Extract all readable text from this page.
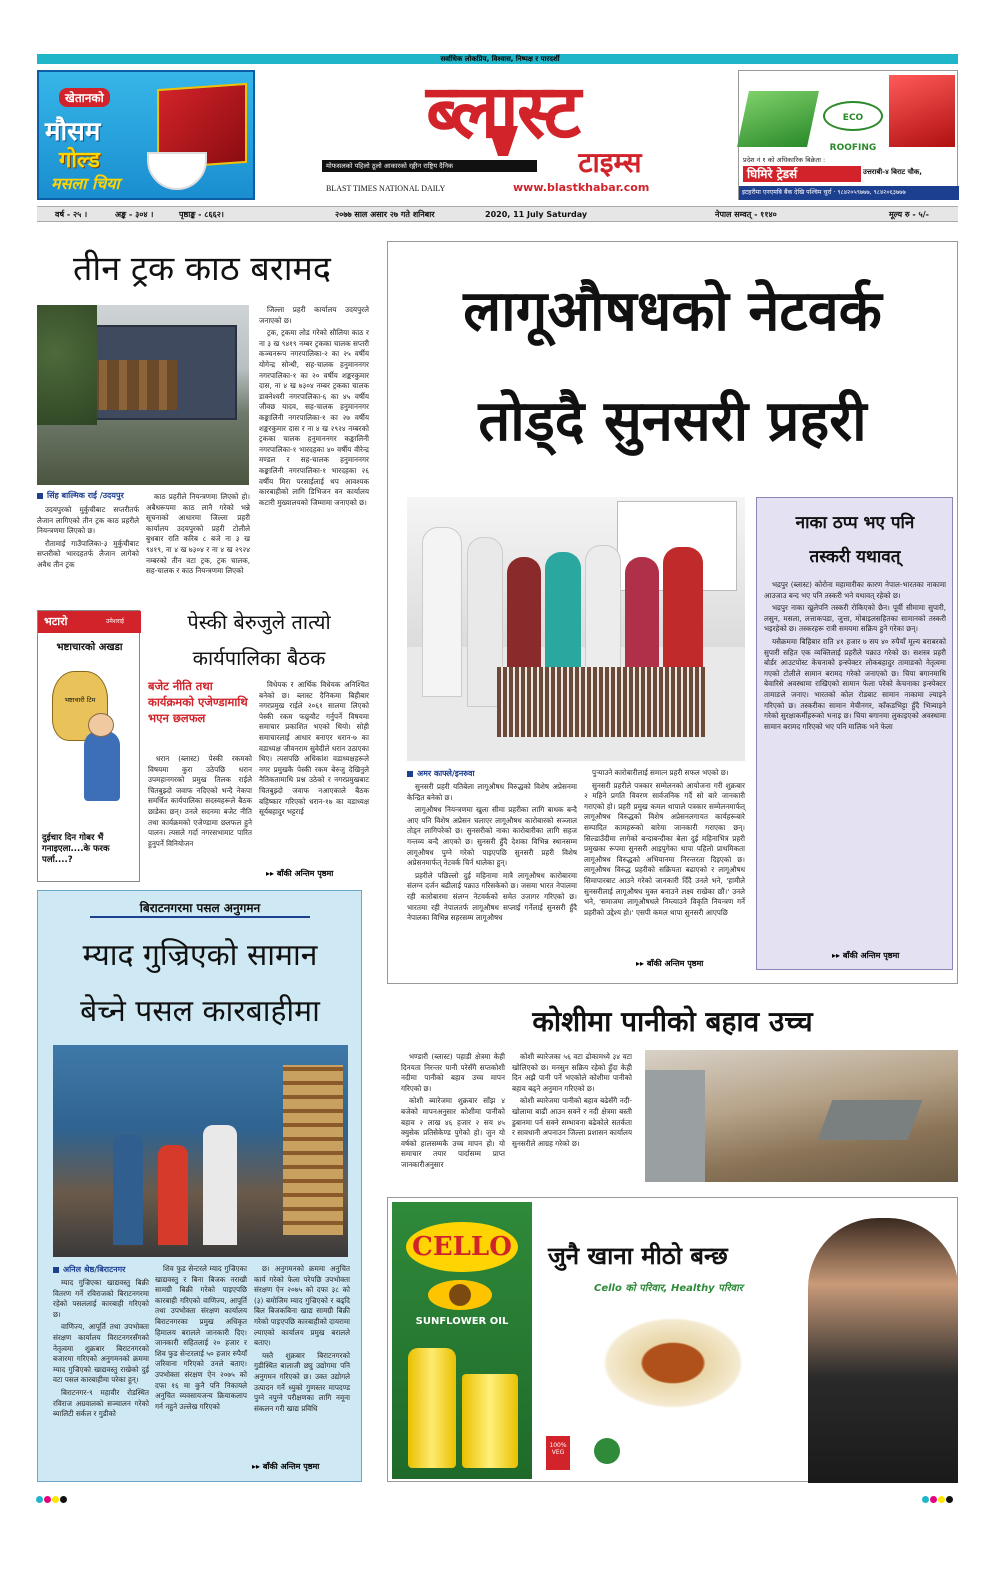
सर्वाधिक लोकप्रिय, विश्वास, निष्पक्ष र पारदर्शी
खेतानको
मौसम
गोल्ड
मसला चिया
ब्लास्ट
टाइम्स
मोफसलको पहिलो ठूलो आकारको रङ्गीन राष्ट्रिय दैनिक
BLAST TIMES NATIONAL DAILY	www.blastkhabar.com
ECO ROOFING
प्रदेश नं १ को अधिकारिक बिक्रेता :
घिमिरे ट्रेडर्स	उत्तराबी-४ बिराट चौक,
इटहरीमा एनएमबि बैंक देखि पश्चिम चुर्रा · ९८४२०५९७७७, ९८४२०६३७७७
वर्ष - २५ ।	अङ्क - ३०४ ।	पृष्ठाङ्क - ८६६२।	२०७७ साल असार २७ गते शनिबार	2020, 11 July Saturday	नेपाल सम्वत् - ११४०	मूल्य रु - ५/-
तीन ट्रक काठ बरामद
सिंह बाल्मिक राई /उदयपुर

उदयपुरको मुर्कुचीबाट सप्तरीतर्फ लैजान लागिएको तीन ट्रक काठ प्रहरीले नियन्त्रणमा लिएको छ।

रौतामाई गाउँपालिका-३ मुर्कुचीबाट सप्तरीको भारदहतर्फ लैजान लागेको अवैध तीन ट्रक

काठ प्रहरीले नियन्त्रणमा लिएको हो। अबैधरूपमा काठ लानै गरेको भन्ने सूचनाको आधारमा जिल्ला प्रहरी कार्यालय उदयपुरको प्रहरी टोलीले बुधबार राति करिब ८ बजे ना ३ ख ९४१९, ना ४ ख ७३०४ र ना ४ ख २९२४ नम्बरको तीन वटा ट्रक, ट्रक चालक, सह-चालक र काठ नियन्त्रणमा लिएको

जिल्ला प्रहरी कार्यालय उदयपुरले जनाएको छ।

ट्रक, ट्रकमा लोड गरेको सौलिया काठ र ना ३ ख ९४१९ नम्बर ट्रकका चालक सप्तरी कञ्चनरूप नगरपालिका-२ का २५ वर्षीय योगेन्द्र सोन्थी, सह-चालक हनुमाननगर नगरपालिका-१ का २० वर्षीय शङ्करकुमार दास, ना ४ ख ७३०४ नम्बर ट्रकका चालक डाक्नेश्वरी नगरपालिका-६ का ४५ वर्षीय जीवछ यादव, सह-चालक हनुमाननगर कङ्कालिनी नगरपालिका-१ का २७ वर्षीय शङ्करकुमार दास र ना ४ ख २९२४ नम्बरको ट्रकका चालक हनुमाननगर कङ्कालिनी नगरपालिका-१ भारदहका ४० वर्षीय वीरेन्द्र मण्डल र सह-चालक हनुमाननगर कङ्कालिनी नगरपालिका-१ भारदहका २६ वर्षीय मिरा परसाईलाई थप आवश्यक कारबाहीको लागि डिभिजन वन कार्यालय कटारी मुख्यालयको जिम्मामा जनाएको छ।

भटारो	उमेशराई
भष्टाचारको अखडा
भष्टाचारी टिम
दुईचार दिन गोबर भैं गनाइएला....के फरक पर्ला....?
पेस्की बेरुजुले तात्यो
कार्यपालिका बैठक
बजेट नीति तथा कार्यक्रमको एजेण्डामाथि भएन छलफल

धरान (ब्लास्ट) पेस्की रकमको विषयमा कुरा उठेपछि धरान उपमहानगरको प्रमुख तिलक राईले चितबुझ्दो जवाफ नदिएको भन्दै नेकपा समर्थित कार्यपालिका सदस्यहरूले बैठक छाडेका छन्। उनले सदनमा बजेट नीति तथा कार्यक्रमको एजेण्डामा छलफल हुने पालन। त्यसले गर्दा नगरसभामाट पारित हुनुपर्ने विनियोजन

विधेयक र आर्थिक विधेयक अनिश्चित बनेको छ। ब्लास्ट दैनिकमा बिहीबार नगरप्रमुख राईले २०६१ सालमा लिएको पेस्की रकम फछ्र्यौट गर्नुपर्ने विषयमा समाचार प्रकाशित भएको थियो। सोही समाचारलाई आधार बनाएर धरान-७ का वडाध्यक्ष जीवनराम सुवेदीले धरान उठाएका थिए। त्यसपछि अधिकांश वडाध्यक्षहरूले नगर प्रमुखकै पेस्की रकम बेरुजु देखिनुले नैतिकतामाथि प्रश्न उठेको र नगरप्रमुखबाट चितबुझ्दो जवाफ नआएकाले बैठक बहिष्कार गरिएको धरान-१७ का वडाध्यक्ष सूर्यबहादुर भट्टराई

▸▸ बाँकी अन्तिम पृष्ठमा
बिराटनगरमा पसल अनुगमन
म्याद गुज्रिएको सामान
बेच्ने पसल कारबाहीमा
अनिल श्रेष्ठ/बिराटनगर

म्याद गुज्रिएका खाद्यवस्तु बिक्री वितरण गर्ने रविराजको बिराटनगरमा रहेको पसललाई कारबाही गरिएको छ।

वाणिज्य, आपूर्ति तथा उपभोक्ता संरक्षण कार्यालय विराटनगरसँगको नेतृत्वमा शुक्रबार बिराटनगरको बजारमा गरिएको अनुगमनको क्रममा म्याद गुज्रिएको खाद्यवस्तु राखेको दुई वटा पसल कारबाहीमा परेका हुन्।

बिराटनगर-९ महावीर रोडस्थित रविराज अग्रवालको सञ्चालन गरेको ब्यालिटी सर्कल र गुडीको

शिव फुड सेन्टरले म्याद गुज्रिएका खाद्यवस्तु र बिना बिजक नराखी सामग्री बिक्री गरेको पाइएपछि कारबाही गरिएको वाणिज्य, आपूर्ति तथा उपभोक्ता संरक्षण कार्यालय बिराटनगरका प्रमुख अधिकृत हिमालय बरालले जानकारी दिए। जानकारी सहितलाई २० हजार र शिव फुड सेन्टरलाई ५० हजार रुपैयाँ जरिवाना गरिएको उनले बताए। उपभोक्ता संरक्षण ऐन २०७५ को दफा १६ मा कुनै पनि निकायले अनुचित व्यवसायजन्य क्रियाकलाप गर्न नहुने उल्लेख गरिएको

छ। अनुगमनको क्रममा अनुचित कार्य गरेको फेला परेपछि उपभोक्ता संरक्षण ऐन २०७५ को दफा ३८ को (३) बमोजिम म्याद गुज्रिएको र बढ्दि बिल बिजकबिना खाद्य सामग्री बिक्री गरेको पाइएपछि कारबाहीको दायरामा ल्याएको कार्यालय प्रमुख बरालले बताए।

यस्तै शुक्रबार बिराटनगरको गुडीस्थित बालाजी छ्यु उद्योगमा पनि अनुगमन गरिएको छ। उक्त उद्योगले उत्पादन गर्ने ध्युको गुणस्तर मापदण्ड पुग्ने नपुग्ने परीक्षणका लागि नमूना संकलन गरी खाद्य प्रविधि

▸▸ बाँकी अन्तिम पृष्ठमा
लागूऔषधको नेटवर्क
तोड्दै सुनसरी प्रहरी
अमर काफ्ले/इनरुवा

सुनसरी प्रहरी यतिबेला लागूऔषध विरुद्धको विशेष अप्रेसनमा केन्द्रित बनेको छ।

लागूऔषध नियन्त्रणमा खुला सीमा प्रहरीका लागि बाधक बन्दै आए पनि विशेष अप्रेसन चलाएर लागूऔषध कारोबारको सञ्जाल तोड्न लागिपरेको छ। सुनसरीको नाका कारोबारीका लागि सहज गन्तव्य बन्दै आएको छ। सुनसरी हुँदै देशका विभिन्न स्थानसम्म लागूऔषध पुग्ने गरेको पाइएपछि सुनसरी प्रहरी विशेष अप्रेसनमार्फत् नेटवर्क चिर्न थालेका हुन्।

प्रहरीले पछिल्लो दुई महिनामा मात्रै लागूऔषध कारोबारमा संलग्न दर्जन बढीलाई पक्राउ गरिसकेको छ। जसमा भारत नेपालमा रही कारोबारमा संलग्न नेटवर्कको समेत उजागर गरिएको छ। भारतमा रही नेपालतर्फ लागूऔषध सप्लाई गर्नेलाई सुनसरी हुँदै नेपालका विभिन्न सहरसम्म लागूऔषध

पुऱ्याउने कारोबारीलाई समात्न प्रहरी सफल भएको छ।

सुनसरी प्रहरीले पत्रकार सम्मेलनको आयोजना गरी शुक्रबार २ महिने प्रगति विवरण सार्वजनिक गर्दै सो बारे जानकारी गराएको हो। प्रहरी प्रमुख कमल थापाले पत्रकार सम्मेलनमार्फत् लागूऔषध विरुद्धको विशेष अप्रेसनलगायत कार्यहरूबारे सम्पादित कामहरूको बारेमा जानकारी गराएका छन्। सिल्डाउँदीमा लागेको बन्दाबन्दीका बेला दुई महिनाभित्र प्रहरी प्रमुखका रूपमा सुनसरी आइपुगेका थापा पहिलो प्राथमिकता लागूऔषध विरुद्धको अभियानमा निरन्तरता दिइएको छ। लागूऔषध विरुद्ध प्रहरीको सक्रियता बढाएको र लागूऔषध सिमापारबाट आउने गरेको जानकारी दिँदै उनले भने, 'हामीले सुनसरीलाई लागूऔषध मुक्त बनाउने लक्ष्य राखेका छौं।' उनले भने, 'समाजमा लागूऔषधले निम्त्याउने विकृति नियन्त्रण गर्ने प्रहरीको उद्देश्य हो।' एसपी कमल थापा सुनसरी आएपछि

▸▸ बाँकी अन्तिम पृष्ठमा
नाका ठप्प भए पनि
तस्करी यथावत्

भद्रपुर (ब्लास्ट) कोरोना महामारीका कारण नेपाल-भारतका नाकामा आउजाउ बन्द भए पनि तस्करी भने यथावत् रहेको छ।

भद्रपुर नाका खुलेपनि तस्करी रोकिएको छैन। पूर्वी सीमामा सुपारी, लसुन, मसला, लत्ताकपडा, जुत्ता, मोबाइलसहितका सामानको तस्करी भइरहेको छ। तस्करहरू रात्री समयमा सक्रिय हुने गरेका छन्।

यसैक्रममा बिहिबार राति ४१ हजार ७ सय ४० रुपैयाँ मूल्य बराबरको सुपारी सहित एक व्यक्तिलाई प्रहरीले पक्राउ गरेको छ। सशस्त्र प्रहरी बोर्डर आउटपोस्ट केचनाको इन्स्पेक्टर लोकबहादुर तामाङको नेतृत्वमा गएको टोलीले सामान बरामद गरेको जनाएको छ। चिया बगानमाथि बेवारिसे अवस्थामा राखिएको सामान फेला परेको केचनाका इन्स्पेक्टर तामाङले जनाए। भारतको कोल रोडबाट सामान नाकामा ल्याइने गरिएको छ। तस्करीका सामान मेचीनगर, काँकडभिट्टा हुँदै भित्र्याइने गरेको सुरक्षाकर्मीहरूको भनाइ छ। चिया बगानमा लुकाइएको अवस्थामा सामान बरामद गरिएको भए पनि मालिक भने फेला

▸▸ बाँकी अन्तिम पृष्ठमा
कोशीमा पानीको बहाव उच्च

भण्डारी (ब्लास्ट) पहाडी क्षेत्रमा केही दिनयता निरन्तर पानी परेसँगै सप्तकोशी नदीमा पानीको बहाव उच्च मापन गरिएको छ।

कोशी ब्यारेजमा शुक्रबार साँझ ४ बजेको मापनअनुसार कोशीमा पानीको बहाव २ लाख ४६ हजार २ सय ४५ क्युसेक प्रतिसेकेण्ड पुगेको हो। जुन यो वर्षको हालसम्मकै उच्च मापन हो। यो समाचार तयार पार्दासम्म प्राप्त जानकारीअनुसार

कोशी ब्यारेजका ५६ वटा ढोकामध्ये ३४ वटा खोलिएको छ। मनसुन सक्रिय रहेको हुँदा केही दिन अझै पानी पर्ने भएकोले कोशीमा पानीको बहाव बढ्ने अनुमान गरिएको छ।

कोशी ब्यारेजमा पानीको बहाव बढेसँगै नदी-खोलामा बाढी आउन सक्ने र नदी क्षेत्रमा बस्ती डुबानमा पर्न सक्ने सम्भावना बढेकोले सतर्कता र सावधानी अपनाउन जिल्ला प्रशासन कार्यालय सुनसरीले आग्रह गरेको छ।

CELLO
SUNFLOWER OIL
जुनै खाना मीठो बन्छ
Cello को परिवार, Healthy परिवार
100% VEG
